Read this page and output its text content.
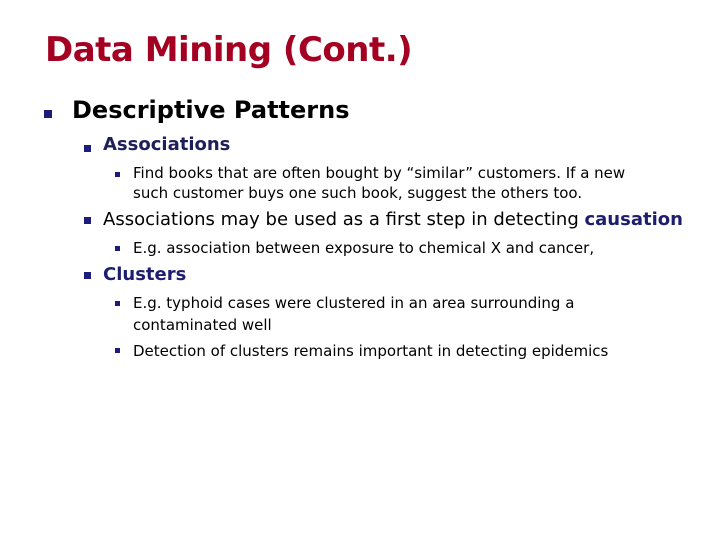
Data Mining (Cont.)
Descriptive Patterns
Associations
Find books that are often bought by “similar” customers. If a new
such customer buys one such book, suggest the others too.
Associations may be used as a first step in detecting causation
E.g. association between exposure to chemical X and cancer,
Clusters
E.g. typhoid cases were clustered in an area surrounding a
contaminated well
Detection of clusters remains important in detecting epidemics
